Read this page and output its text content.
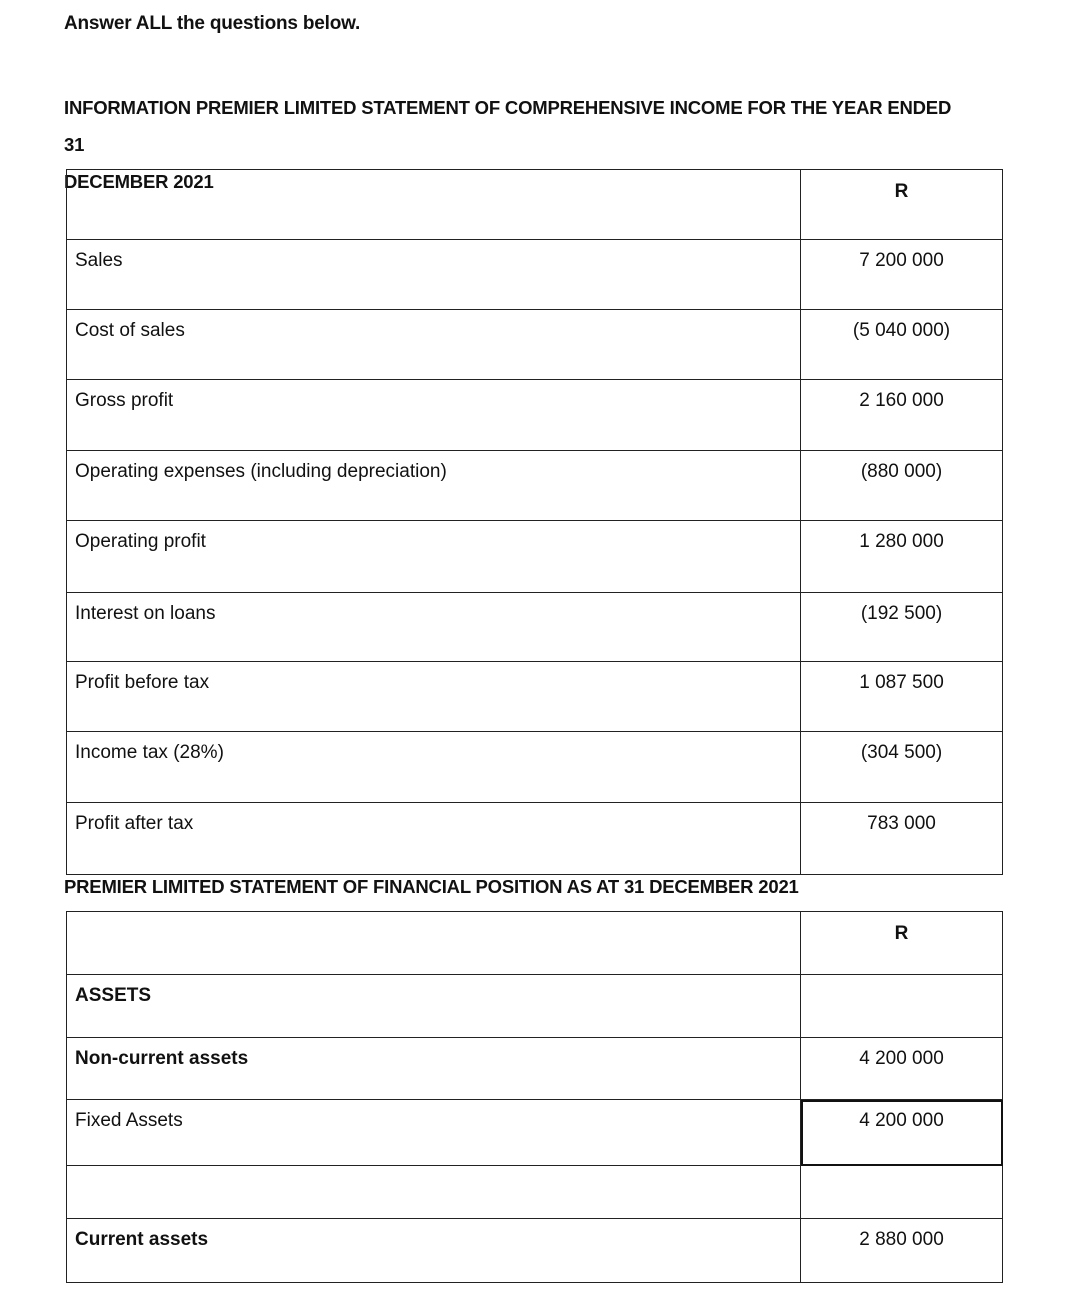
Answer ALL the questions below.

INFORMATION PREMIER LIMITED STATEMENT OF COMPREHENSIVE INCOME FOR THE YEAR ENDED 31
DECEMBER 2021
		R
Sales	7 200 000
Cost of sales	(5 040 000)
Gross profit	2 160 000
Operating expenses (including depreciation)	(880 000)
Operating profit	1 280 000
Interest on loans	(192 500)
Profit before tax	1 087 500
Income tax (28%)	(304 500)
Profit after tax	783 000
PREMIER LIMITED STATEMENT OF FINANCIAL POSITION AS AT 31 DECEMBER 2021
	R
ASSETS	
Non-current assets	4 200 000
Fixed Assets	4 200 000

Current assets	2 880 000
